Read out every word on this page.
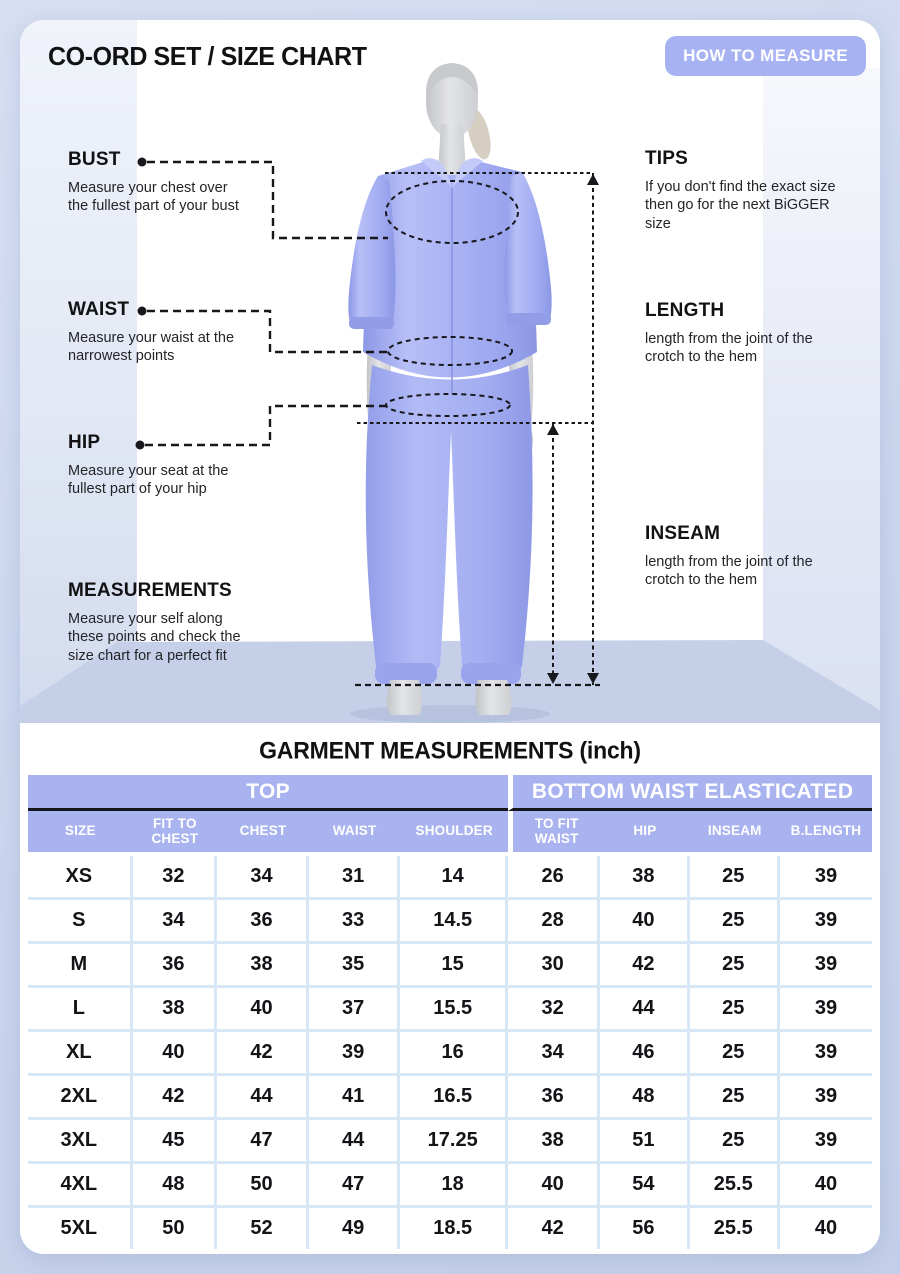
CO-ORD SET / SIZE CHART	HOW TO MEASURE
BUST

Measure your chest over the fullest part of your bust

WAIST

Measure your waist at the narrowest points

HIP

Measure your seat at the fullest part of your hip

MEASUREMENTS

Measure your self along these points and check the size chart for a perfect fit

TIPS

If you don't find the exact size then go for the next BiGGER size

LENGTH

length from the joint of the crotch to the hem

INSEAM

length from the joint of the crotch to the hem

GARMENT MEASUREMENTS (inch)
TOP					BOTTOM WAIST ELASTICATED			
SIZE	FIT TO CHEST	CHEST	WAIST	SHOULDER	TO FIT WAIST	HIP	INSEAM	B.LENGTH
XS	32	34	31	14	26	38	25	39
S	34	36	33	14.5	28	40	25	39
M	36	38	35	15	30	42	25	39
L	38	40	37	15.5	32	44	25	39
XL	40	42	39	16	34	46	25	39
2XL	42	44	41	16.5	36	48	25	39
3XL	45	47	44	17.25	38	51	25	39
4XL	48	50	47	18	40	54	25.5	40
5XL	50	52	49	18.5	42	56	25.5	40
